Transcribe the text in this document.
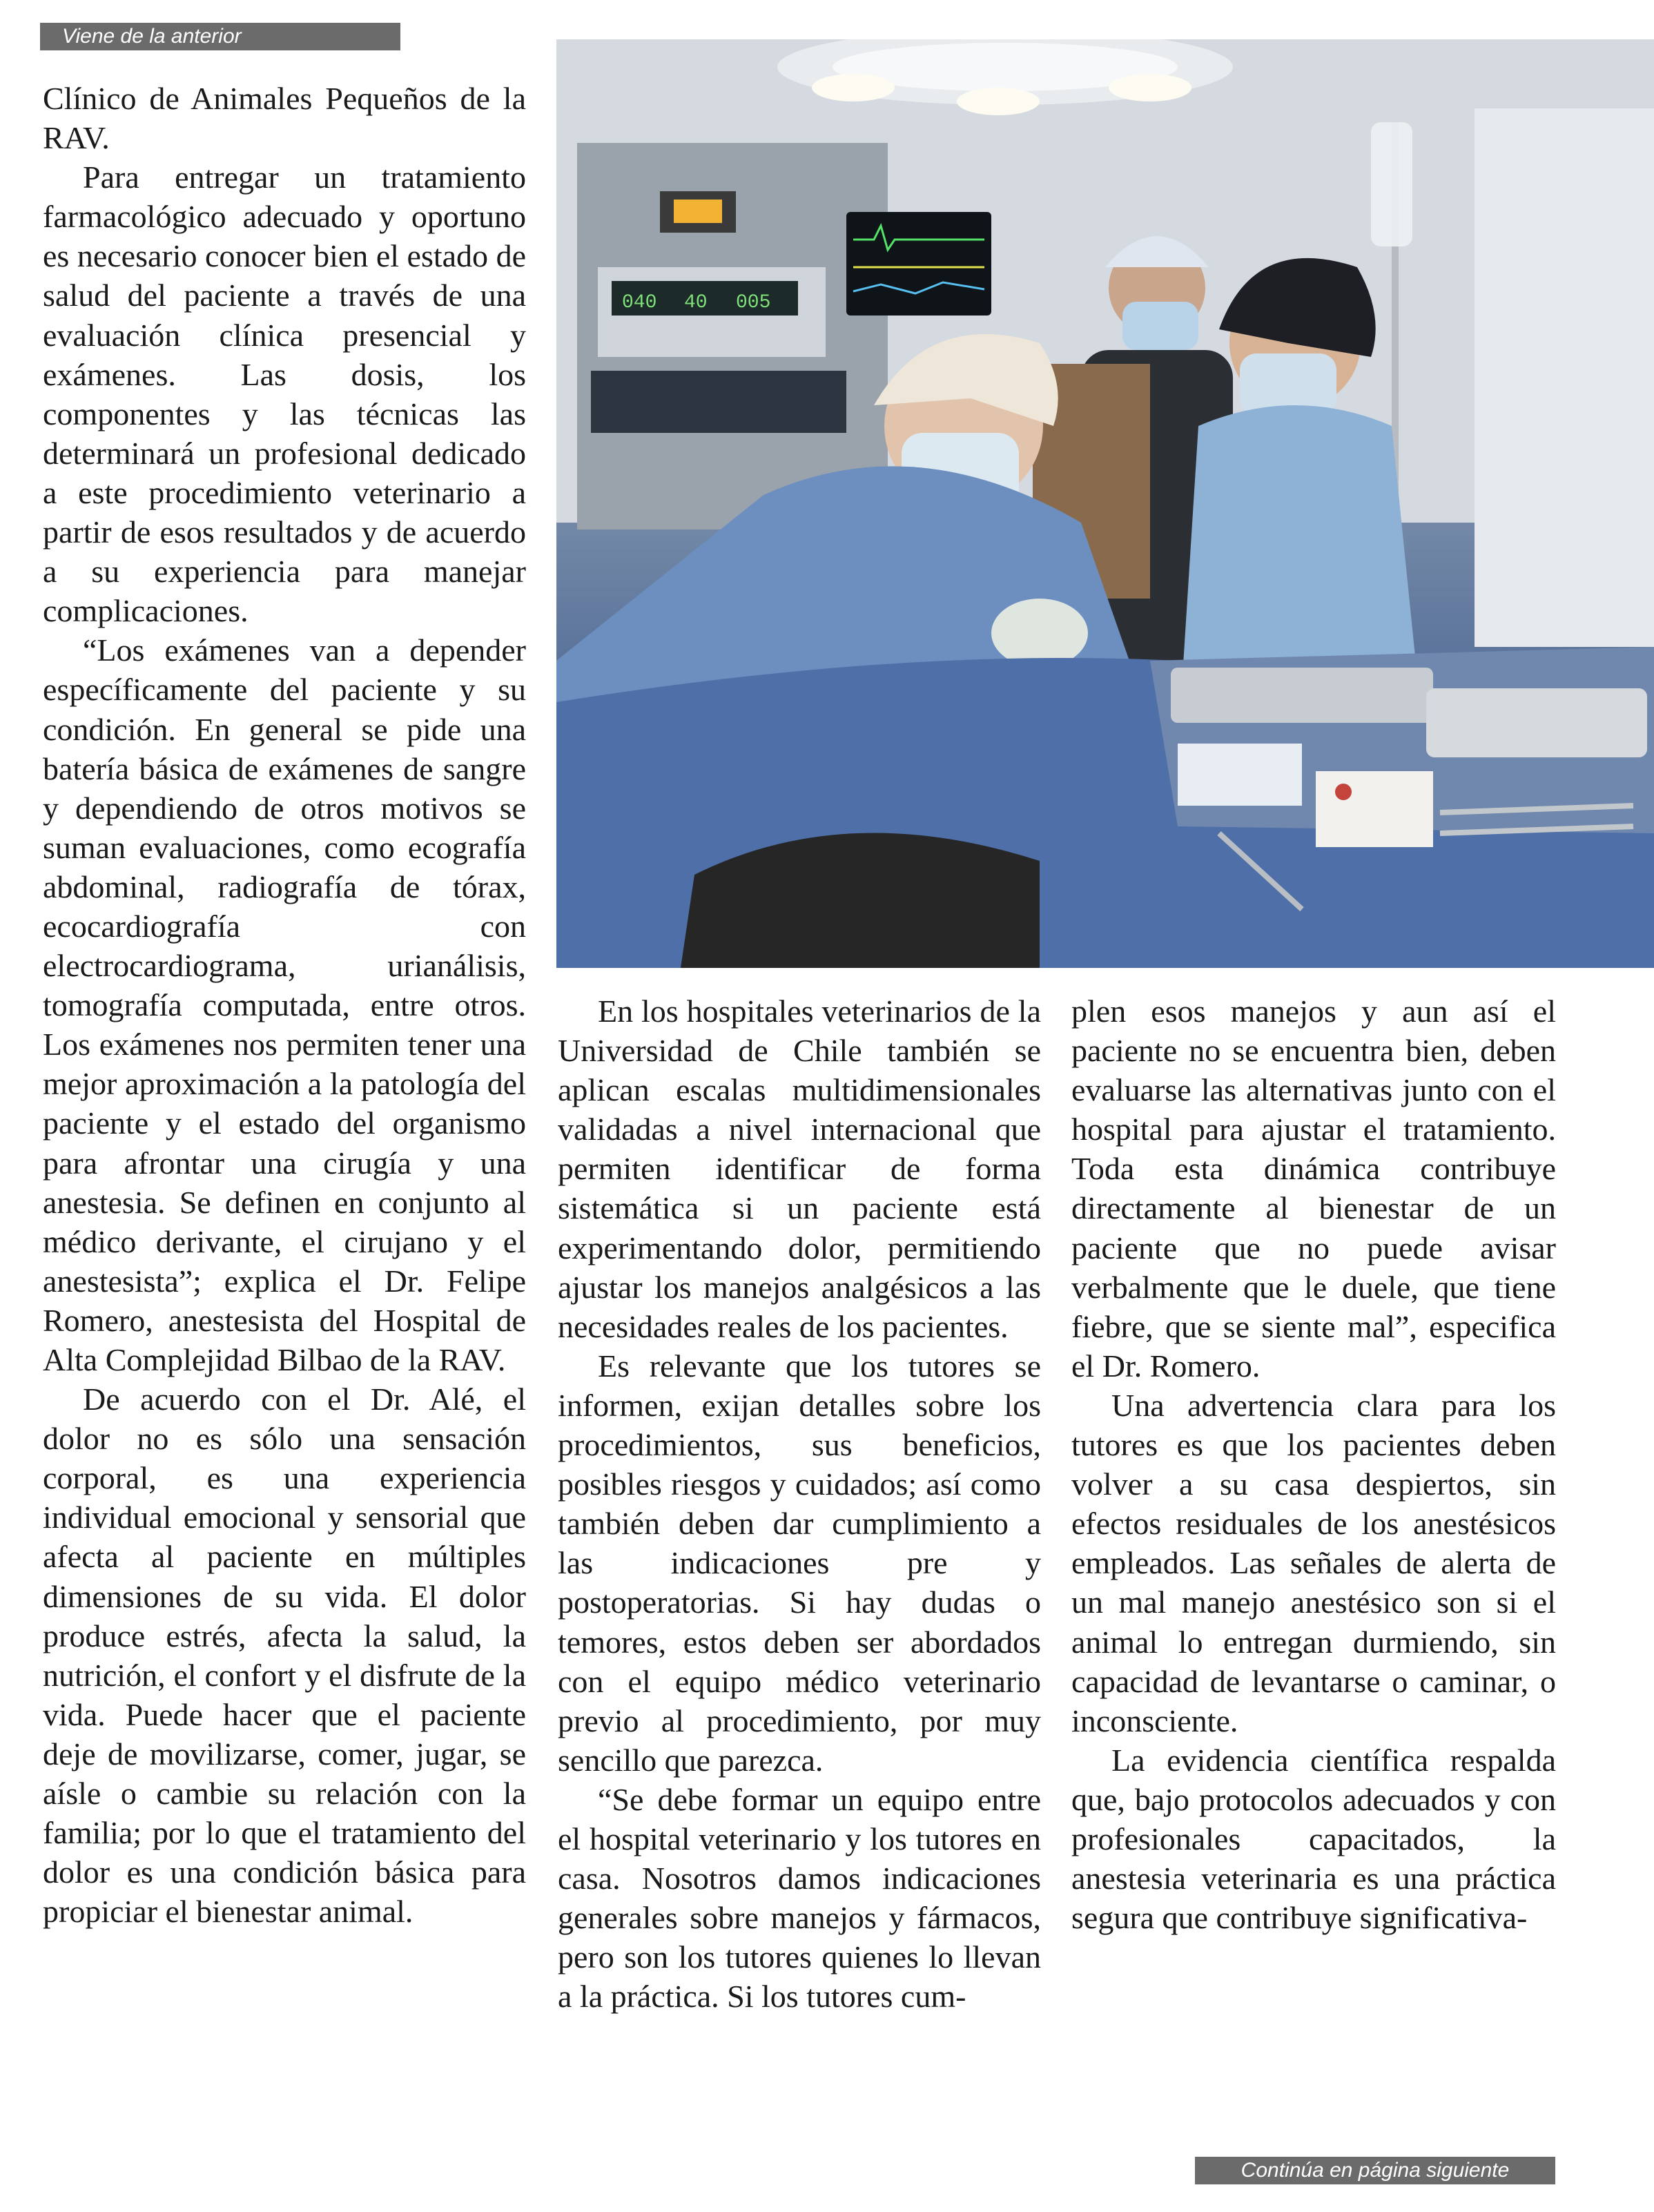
Viene de la anterior

Clínico de Animales Pequeños de la RAV.

Para entregar un tratamiento farmacológico adecuado y oportuno es necesario conocer bien el estado de salud del paciente a través de una evaluación clínica presencial y exámenes. Las dosis, los componentes y las técnicas las determinará un profesional dedicado a este procedimiento veterinario a partir de esos resultados y de acuerdo a su experiencia para manejar complicaciones.

“Los exámenes van a depender específicamente del paciente y su condición. En general se pide una batería básica de exámenes de sangre y dependiendo de otros motivos se suman evaluaciones, como ecografía abdominal, radiografía de tórax, ecocardiografía con electrocardiograma, urianálisis, tomografía computada, entre otros. Los exámenes nos permiten tener una mejor aproximación a la patología del paciente y el estado del organismo para afrontar una cirugía y una anestesia. Se definen en conjunto al médico derivante, el cirujano y el anestesista”; explica el Dr. Felipe Romero, anestesista del Hospital de Alta Complejidad Bilbao de la RAV.

De acuerdo con el Dr. Alé, el dolor no es sólo una sensación corporal, es una experiencia individual emocional y sensorial que afecta al paciente en múltiples dimensiones de su vida. El dolor produce estrés, afecta la salud, la nutrición, el confort y el disfrute de la vida. Puede hacer que el paciente deje de movilizarse, comer, jugar, se aísle o cambie su relación con la familia; por lo que el tratamiento del dolor es una condición básica para propiciar el bienestar animal.

040 40 005

En los hospitales veterinarios de la Universidad de Chile también se aplican escalas multidimensionales validadas a nivel internacional que permiten identificar de forma sistemática si un paciente está experimentando dolor, permitiendo ajustar los manejos analgésicos a las necesidades reales de los pacientes.

Es relevante que los tutores se informen, exijan detalles sobre los procedimientos, sus beneficios, posibles riesgos y cuidados; así como también deben dar cumplimiento a las indicaciones pre y postoperatorias. Si hay dudas o temores, estos deben ser abordados con el equipo médico veterinario previo al procedimiento, por muy sencillo que parezca.

“Se debe formar un equipo entre el hospital veterinario y los tutores en casa. Nosotros damos indicaciones generales sobre manejos y fármacos, pero son los tutores quienes lo llevan a la práctica. Si los tutores cum-

plen esos manejos y aun así el paciente no se encuentra bien, deben evaluarse las alternativas junto con el hospital para ajustar el tratamiento. Toda esta dinámica contribuye directamente al bienestar de un paciente que no puede avisar verbalmente que le duele, que tiene fiebre, que se siente mal”, especifica el Dr. Romero.

Una advertencia clara para los tutores es que los pacientes deben volver a su casa despiertos, sin efectos residuales de los anestésicos empleados. Las señales de alerta de un mal manejo anestésico son si el animal lo entregan durmiendo, sin capacidad de levantarse o caminar, o inconsciente.

La evidencia científica respalda que, bajo protocolos adecuados y con profesionales capacitados, la anestesia veterinaria es una práctica segura que contribuye significativa-

Continúa en página siguiente
